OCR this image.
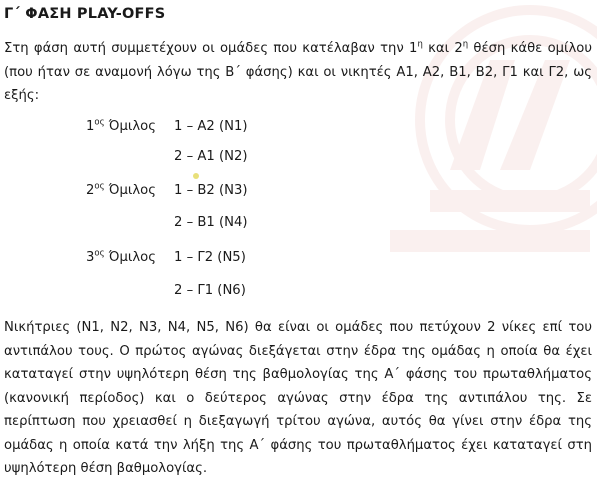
Γ΄ ΦΑΣΗ PLAY-OFFS

Στη φάση αυτή συμμετέχουν οι ομάδες που κατέλαβαν την $1^\eta$ και $2^\eta$ θέση κάθε ομίλου (που ήταν σε αναμονή λόγω της Β΄ φάσης) και οι νικητές Α1, Α2, Β1, Β2, Γ1 και Γ2, ως εξής:

$1^{o\varsigma}$ Όμιλος 1 – Α2 (Ν1)
2 – Α1 (Ν2)
$2^{o\varsigma}$ Όμιλος 1 – Β2 (Ν3)
2 – Β1 (Ν4)
$3^{o\varsigma}$ Όμιλος 1 – Γ2 (Ν5)
2 – Γ1 (Ν6)

Νικήτριες (Ν1, Ν2, Ν3, Ν4, Ν5, Ν6) θα είναι οι ομάδες που πετύχουν 2 νίκες επί του αντιπάλου τους. Ο πρώτος αγώνας διεξάγεται στην έδρα της ομάδας η οποία θα έχει καταταγεί στην υψηλότερη θέση της βαθμολογίας της Α΄ φάσης του πρωταθλήματος (κανονική περίοδος) και ο δεύτερος αγώνας στην έδρα της αντιπάλου της. Σε περίπτωση που χρειασθεί η διεξαγωγή τρίτου αγώνα, αυτός θα γίνει στην έδρα της ομάδας η οποία κατά την λήξη της Α΄ φάσης του πρωταθλήματος έχει καταταγεί στη υψηλότερη θέση βαθμολογίας.
